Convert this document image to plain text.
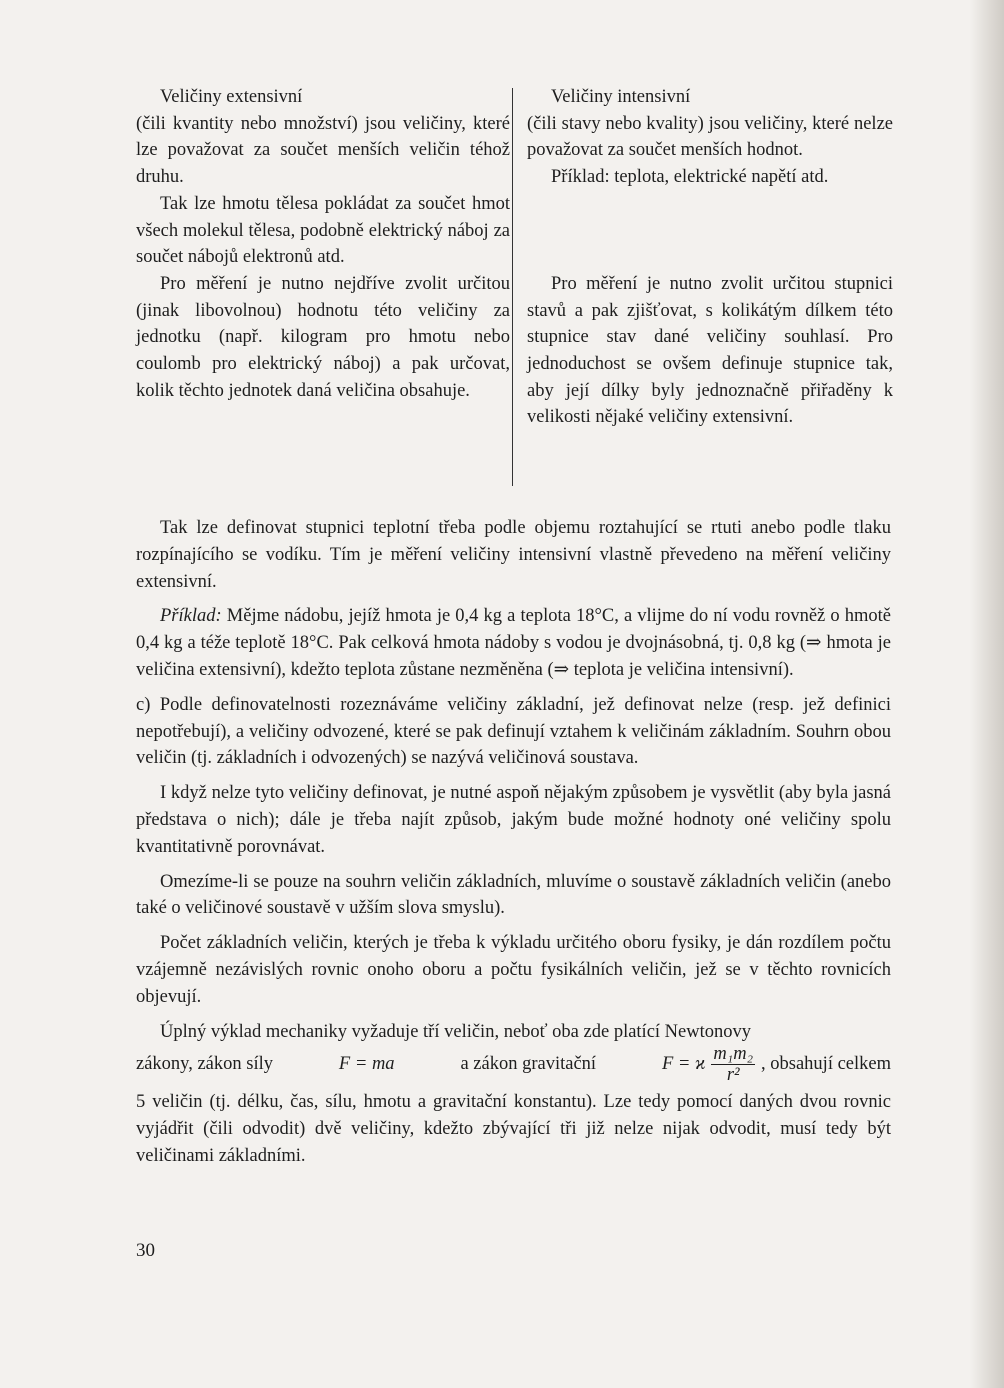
Veličiny extensivní

(čili kvantity nebo množství) jsou veličiny, které lze považovat za součet menších veličin téhož druhu.

Tak lze hmotu tělesa pokládat za součet hmot všech molekul tělesa, podobně elektrický náboj za součet nábojů elektronů atd.

Pro měření je nutno nejdříve zvolit určitou (jinak libovolnou) hodnotu této veličiny za jednotku (např. kilogram pro hmotu nebo coulomb pro elektrický náboj) a pak určovat, kolik těchto jednotek daná veličina obsahuje.

Veličiny intensivní

(čili stavy nebo kvality) jsou veličiny, které nelze považovat za součet menších hodnot.

Příklad: teplota, elektrické napětí atd.

Pro měření je nutno zvolit určitou stupnici stavů a pak zjišťovat, s kolikátým dílkem této stupnice stav dané veličiny souhlasí. Pro jednoduchost se ovšem definuje stupnice tak, aby její dílky byly jednoznačně přiřaděny k velikosti nějaké veličiny extensivní.

Tak lze definovat stupnici teplotní třeba podle objemu roztahující se rtuti anebo podle tlaku rozpínajícího se vodíku. Tím je měření veličiny intensivní vlastně převedeno na měření veličiny extensivní.

Příklad: Mějme nádobu, jejíž hmota je 0,4 kg a teplota 18°C, a vlijme do ní vodu rovněž o hmotě 0,4 kg a téže teplotě 18°C. Pak celková hmota nádoby s vodou je dvojnásobná, tj. 0,8 kg (⇒ hmota je veličina extensivní), kdežto teplota zůstane nezměněna (⇒ teplota je veličina intensivní).

c) Podle definovatelnosti rozeznáváme veličiny základní, jež definovat nelze (resp. jež definici nepotřebují), a veličiny odvozené, které se pak definují vztahem k veličinám základním. Souhrn obou veličin (tj. základních i odvozených) se nazývá veličinová soustava.

I když nelze tyto veličiny definovat, je nutné aspoň nějakým způsobem je vysvětlit (aby byla jasná představa o nich); dále je třeba najít způsob, jakým bude možné hodnoty oné veličiny spolu kvantitativně porovnávat.

Omezíme-li se pouze na souhrn veličin základních, mluvíme o soustavě základních veličin (anebo také o veličinové soustavě v užším slova smyslu).

Počet základních veličin, kterých je třeba k výkladu určitého oboru fysiky, je dán rozdílem počtu vzájemně nezávislých rovnic onoho oboru a počtu fysikálních veličin, jež se v těchto rovnicích objevují.

Úplný výklad mechaniky vyžaduje tří veličin, neboť oba zde platící Newtonovy

zákony, zákon síly	F = ma	a zákon gravitační	F = ϰ $\frac{\text{m₁m₂}}{\text{r²}}$ , obsahují celkem

5 veličin (tj. délku, čas, sílu, hmotu a gravitační konstantu). Lze tedy pomocí daných dvou rovnic vyjádřit (čili odvodit) dvě veličiny, kdežto zbývající tři již nelze nijak odvodit, musí tedy být veličinami základními.

30
